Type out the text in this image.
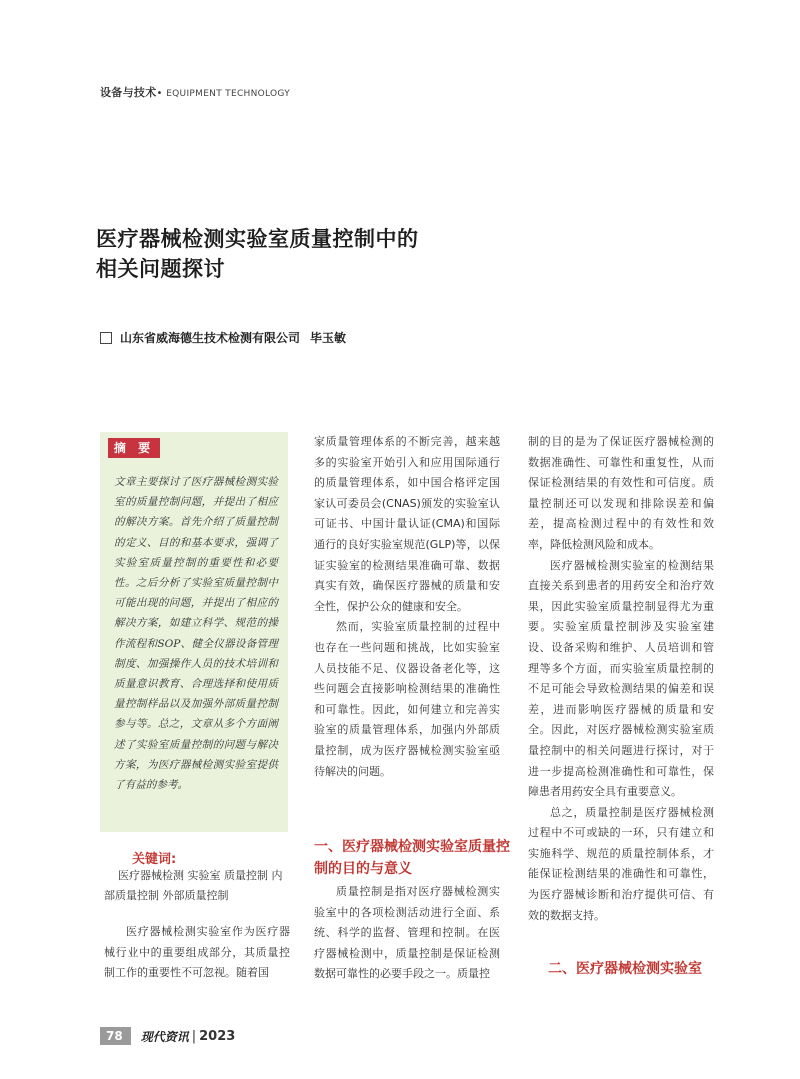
设备与技术• EQUIPMENT TECHNOLOGY
医疗器械检测实验室质量控制中的
相关问题探讨
山东省威海德生技术检测有限公司 毕玉敏
摘 要
文章主要探讨了医疗器械检测实验室的质量控制问题，并提出了相应的解决方案。首先介绍了质量控制的定义、目的和基本要求，强调了实验室质量控制的重要性和必要性。之后分析了实验室质量控制中可能出现的问题，并提出了相应的解决方案，如建立科学、规范的操作流程和SOP、健全仪器设备管理制度、加强操作人员的技术培训和质量意识教育、合理选择和使用质量控制样品以及加强外部质量控制参与等。总之，文章从多个方面阐述了实验室质量控制的问题与解决方案，为医疗器械检测实验室提供了有益的参考。
关键词:
医疗器械检测 实验室 质量控制 内部质量控制 外部质量控制

医疗器械检测实验室作为医疗器械行业中的重要组成部分，其质量控制工作的重要性不可忽视。随着国

家质量管理体系的不断完善，越来越多的实验室开始引入和应用国际通行的质量管理体系，如中国合格评定国家认可委员会(CNAS)颁发的实验室认可证书、中国计量认证(CMA)和国际通行的良好实验室规范(GLP)等，以保证实验室的检测结果准确可靠、数据真实有效，确保医疗器械的质量和安全性，保护公众的健康和安全。

然而，实验室质量控制的过程中也存在一些问题和挑战，比如实验室人员技能不足、仪器设备老化等，这些问题会直接影响检测结果的准确性和可靠性。因此，如何建立和完善实验室的质量管理体系，加强内外部质量控制，成为医疗器械检测实验室亟待解决的问题。

一、医疗器械检测实验室质量控制的目的与意义

质量控制是指对医疗器械检测实验室中的各项检测活动进行全面、系统、科学的监督、管理和控制。在医疗器械检测中，质量控制是保证检测数据可靠性的必要手段之一。质量控

制的目的是为了保证医疗器械检测的数据准确性、可靠性和重复性，从而保证检测结果的有效性和可信度。质量控制还可以发现和排除误差和偏差，提高检测过程中的有效性和效率，降低检测风险和成本。

医疗器械检测实验室的检测结果直接关系到患者的用药安全和治疗效果，因此实验室质量控制显得尤为重要。实验室质量控制涉及实验室建设、设备采购和维护、人员培训和管理等多个方面，而实验室质量控制的不足可能会导致检测结果的偏差和误差，进而影响医疗器械的质量和安全。因此，对医疗器械检测实验室质量控制中的相关问题进行探讨，对于进一步提高检测准确性和可靠性，保障患者用药安全具有重要意义。

总之，质量控制是医疗器械检测过程中不可或缺的一环，只有建立和实施科学、规范的质量控制体系，才能保证检测结果的准确性和可靠性，为医疗器械诊断和治疗提供可信、有效的数据支持。

二、医疗器械检测实验室
78	现代资讯 | 2023
